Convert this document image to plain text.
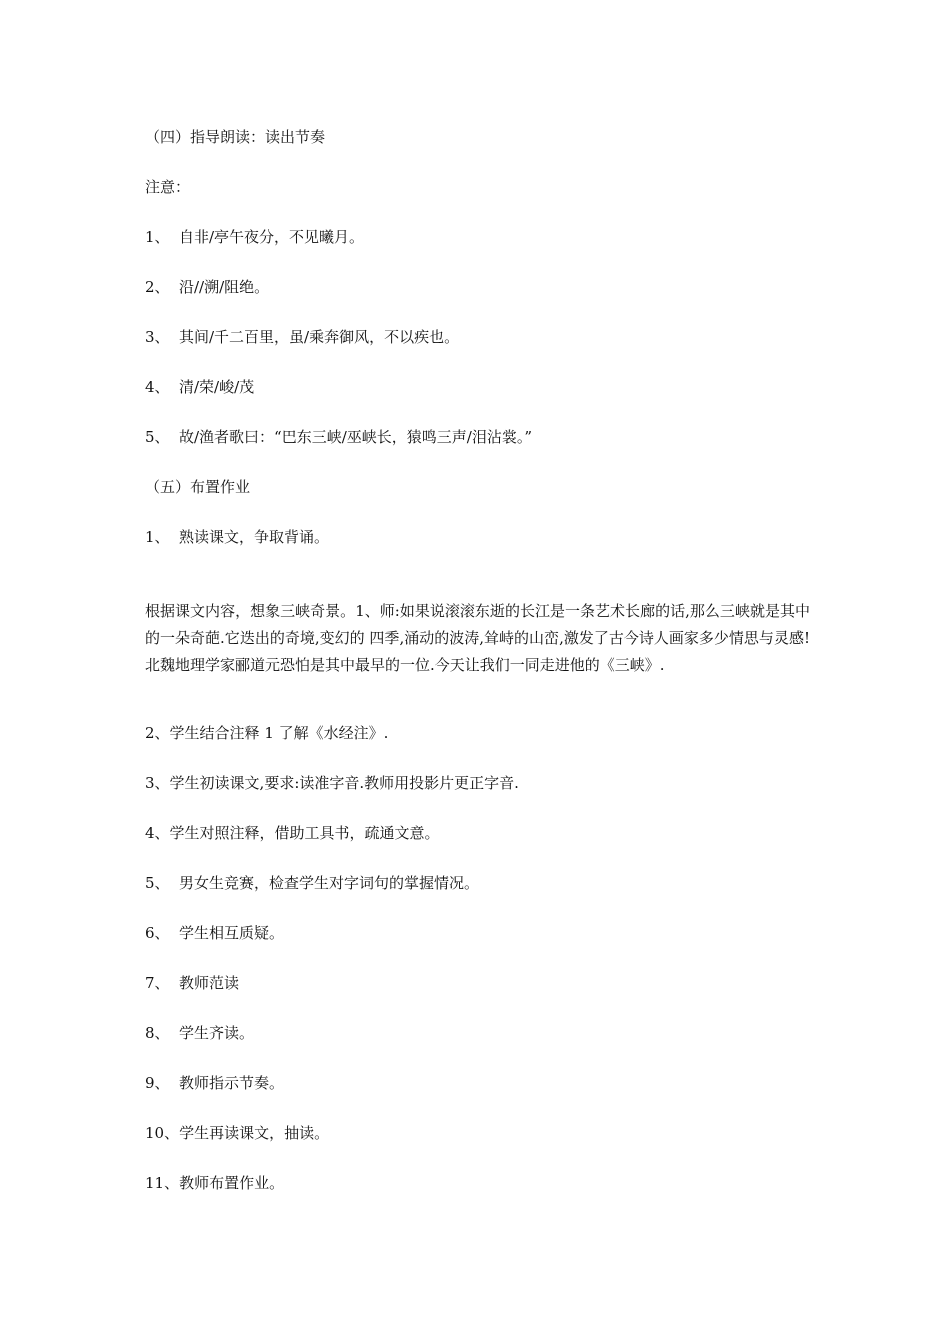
（四）指导朗读：读出节奏
注意：
1、 自非/亭午夜分，不见曦月。
2、 沿//溯/阻绝。
3、 其间/千二百里，虽/乘奔御风，不以疾也。
4、 清/荣/峻/茂
5、 故/渔者歌曰：“巴东三峡/巫峡长，猿鸣三声/泪沾裳。”
（五）布置作业
1、 熟读课文，争取背诵。
根据课文内容，想象三峡奇景。1、师:如果说滚滚东逝的长江是一条艺术长廊的话,那么三峡就是其中的一朵奇葩.它迭出的奇境,变幻的 四季,涌动的波涛,耸峙的山峦,激发了古今诗人画家多少情思与灵感!北魏地理学家郦道元恐怕是其中最早的一位.今天让我们一同走进他的《三峡》.
2、学生结合注释 1 了解《水经注》.
3、学生初读课文,要求:读准字音.教师用投影片更正字音.
4、学生对照注释，借助工具书，疏通文意。
5、 男女生竞赛，检查学生对字词句的掌握情况。
6、 学生相互质疑。
7、 教师范读
8、 学生齐读。
9、 教师指示节奏。
10、学生再读课文，抽读。
11、教师布置作业。
